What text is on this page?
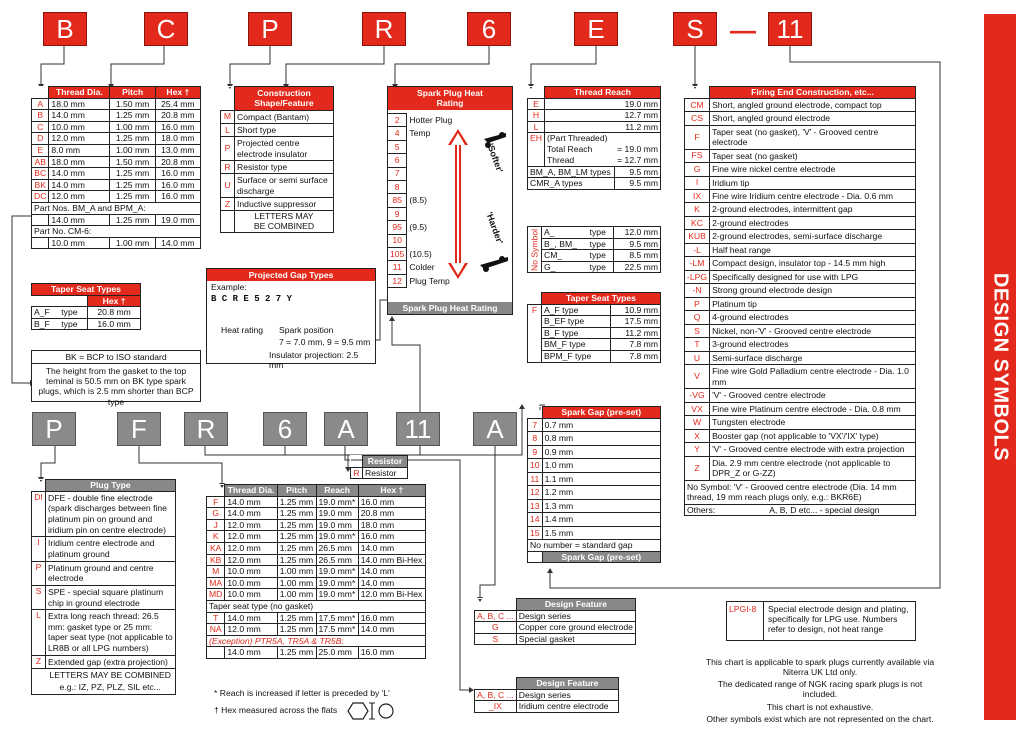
B	C	P	R	6	E	S	— 11
DESIGN SYMBOLS
	Thread Dia.	Pitch	Hex †
A	18.0 mm	1.50 mm	25.4 mm
B	14.0 mm	1.25 mm	20.8 mm
C	10.0 mm	1.00 mm	16.0 mm
D	12.0 mm	1.25 mm	18.0 mm
E	8.0 mm	1.00 mm	13.0 mm
AB	18.0 mm	1.50 mm	20.8 mm
BC	14.0 mm	1.25 mm	16.0 mm
BK	14.0 mm	1.25 mm	16.0 mm
DC	12.0 mm	1.25 mm	16.0 mm
Part Nos. BM_A and BPM_A:			
	14.0 mm	1.25 mm	19.0 mm
Part No. CM-6:			
	10.0 mm	1.00 mm	14.0 mm
Taper Seat Types		
		Hex †
A_F	type	20.8 mm
B_F	type	16.0 mm
BK = BCP to ISO standard
The height from the gasket to the top teminal is 50.5 mm on BK type spark plugs, which is 2.5 mm shorter than BCP type
	Construction Shape/Feature
M	Compact (Bantam)
L	Short type
P	Projected centre electrode insulator
R	Resistor type
U	Surface or semi surface discharge
Z	Inductive suppressor
	LETTERS MAY BE COMBINED
Projected Gap Types
Example:
B C R E 5 2 7 Y
Heat rating Spark position
7 = 7.0 mm, 9 = 9.5 mm
Insulator projection: 2.5 mm
Spark Plug Heat Rating
2	Hotter Plug
4	Temp
5	
6	
7	
8	
85	(8.5)
9	
95	(9.5)
10	
105	(10.5)
11	Colder
12	Plug Temp
'Softer'
'Harder'
Spark Plug Heat Rating
	Thread Reach	
E	19.0 mm	
H	12.7 mm	
L	11.2 mm	
EH	(Part Threaded)	
	Total Reach	= 19.0 mm
	Thread	= 12.7 mm
BM_A, BM_LM types		9.5 mm
CMR_A types		9.5 mm
No Symbol	A_	type	12.0 mm
	B_, BM_	type	9.5 mm
	CM_	type	8.5 mm
	G_	type	22.5 mm
	Taper Seat Types	
F	A_F type	10.9 mm
	B_EF type	17.5 mm
	B_F type	11.2 mm
	BM_F type	7.8 mm
	BPM_F type	7.8 mm
	Firing End Construction, etc...
CM	Short, angled ground electrode, compact top
CS	Short, angled ground electrode
F	Taper seat (no gasket), 'V' - Grooved centre electrode
FS	Taper seat (no gasket)
G	Fine wire nickel centre electrode
I	Iridium tip
IX	Fine wire Iridium centre electrode - Dia. 0.6 mm
K	2-ground electrodes, intermittent gap
KC	2-ground electrodes
KUB	2-ground electrodes, semi-surface discharge
-L	Half heat range
-LM	Compact design, insulator top - 14.5 mm high
-LPG	Specifically designed for use with LPG
-N	Strong ground electrode design
P	Platinum tip
Q	4-ground electrodes
S	Nickel, non-'V' - Grooved centre electrode
T	3-ground electrodes
U	Semi-surface discharge
V	Fine wire Gold Palladium centre electrode - Dia. 1.0 mm
-VG	'V' - Grooved centre electrode
VX	Fine wire Platinum centre electrode - Dia. 0.8 mm
W	Tungsten electrode
X	Booster gap (not applicable to 'VX'/'IX' type)
Y	'V' - Grooved centre electrode with extra projection
Z	Dia. 2.9 mm centre electrode (not applicable to DPR_Z or G-ZZ)
No Symbol: 'V' - Grooved centre electrode (Dia. 14 mm thread, 19 mm reach plugs only, e.g.: BKR6E)	
Others: A, B, D etc... - special design	
P	F	R	6	A	11	A
	Plug Type
DI	DFE - double fine electrode (spark discharges between fine platinum pin on ground and iridium pin on centre electrode)
I	Iridium centre electrode and platinum ground
P	Platinum ground and centre electrode
S	SPE - special square platinum chip in ground electrode
L	Extra long reach thread: 26.5 mm: gasket type or 25 mm: taper seat type (not applicable to LR8B or all LPG numbers)
Z	Extended gap (extra projection)
	LETTERS MAY BE COMBINED
e.g.: IZ, PZ, PLZ, SIL etc...
	Resistor
R	Resistor
	Thread Dia.	Pitch	Reach	Hex †
F	14.0 mm	1.25 mm	19.0 mm*	16.0 mm
G	14.0 mm	1.25 mm	19.0 mm	20.8 mm
J	12.0 mm	1.25 mm	19.0 mm	18.0 mm
K	12.0 mm	1.25 mm	19.0 mm*	16.0 mm
KA	12.0 mm	1.25 mm	26.5 mm	14.0 mm
KB	12.0 mm	1.25 mm	26.5 mm	14.0 mm Bi-Hex
M	10.0 mm	1.00 mm	19.0 mm*	14.0 mm
MA	10.0 mm	1.00 mm	19.0 mm*	14.0 mm
MD	10.0 mm	1.00 mm	19.0 mm*	12.0 mm Bi-Hex
Taper seat type (no gasket)				
T	14.0 mm	1.25 mm	17.5 mm*	16.0 mm
NA	12.0 mm	1.25 mm	17.5 mm*	14.0 mm
(Exception) PTR5A, TR5A & TR5B:				
	14.0 mm	1.25 mm	25.0 mm	16.0 mm
* Reach is increased if letter is preceded by 'L'
† Hex measured across the flats
	Spark Gap (pre-set)
7	0.7 mm
8	0.8 mm
9	0.9 mm
10	1.0 mm
11	1.1 mm
12	1.2 mm
13	1.3 mm
14	1.4 mm
15	1.5 mm
No number = standard gap	
	Spark Gap (pre-set)
	Design Feature
A, B, C ...	Design series
G	Copper core ground electrode
S	Special gasket
	Design Feature
A, B, C ...	Design series
_IX	Iridium centre electrode
LPGI-8	Special electrode design and plating, specifically for LPG use. Numbers refer to design, not heat range
This chart is applicable to spark plugs currently available via Niterra UK Ltd only.
The dedicated range of NGK racing spark plugs is not included.
This chart is not exhaustive.
Other symbols exist which are not represented on the chart.
